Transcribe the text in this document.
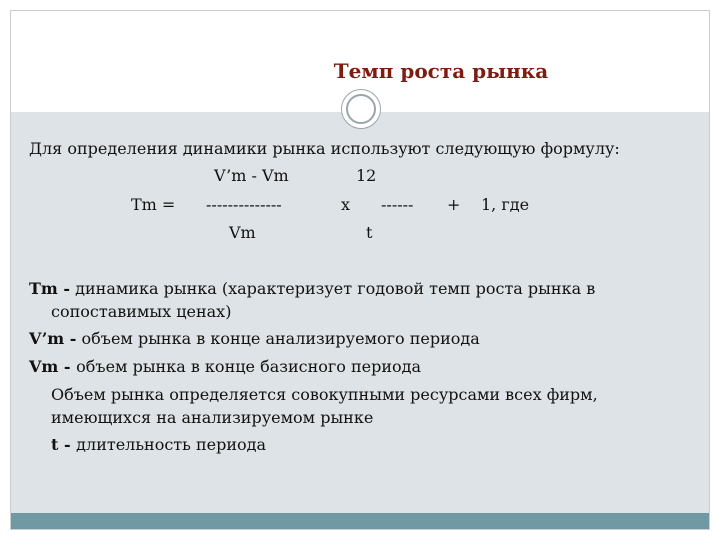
Темп роста рынка
Для определения динамики рынка используют следующую формулу:
V’m - Vm	12
Tm = --------------	x ------ + 1, где
Vm	t
Tm - динамика рынка (характеризует годовой темп роста рынка в
сопоставимых ценах)
V’m - объем рынка в конце анализируемого периода
Vm - объем рынка в конце базисного периода
Объем рынка определяется совокупными ресурсами всех фирм,
имеющихся на анализируемом рынке
t - длительность периода
